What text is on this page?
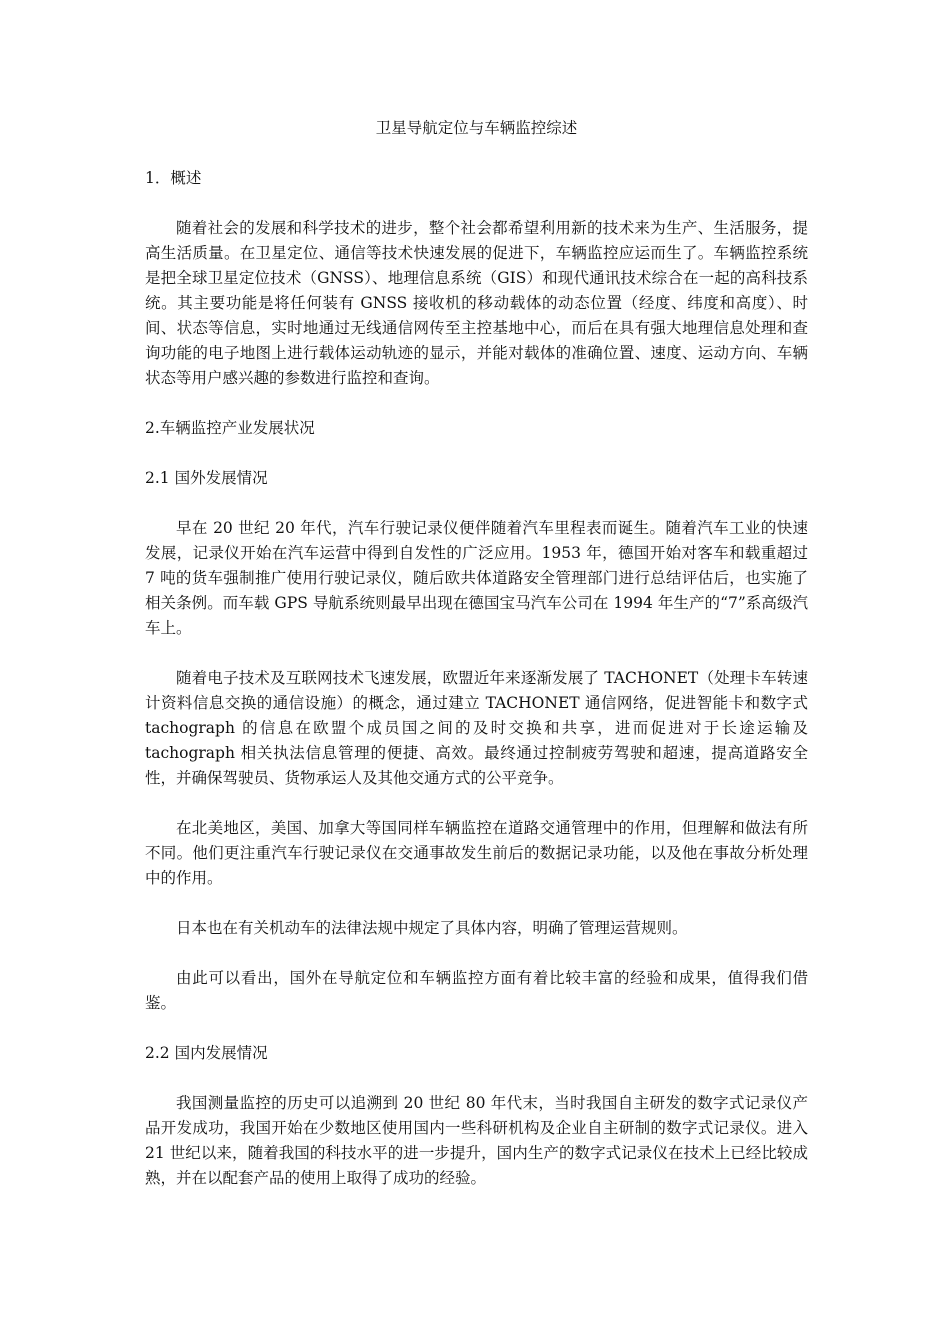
卫星导航定位与车辆监控综述

1．概述

随着社会的发展和科学技术的进步，整个社会都希望利用新的技术来为生产、生活服务，提高生活质量。在卫星定位、通信等技术快速发展的促进下，车辆监控应运而生了。车辆监控系统是把全球卫星定位技术（GNSS）、地理信息系统（GIS）和现代通讯技术综合在一起的高科技系统。其主要功能是将任何装有 GNSS 接收机的移动载体的动态位置（经度、纬度和高度）、时间、状态等信息，实时地通过无线通信网传至主控基地中心，而后在具有强大地理信息处理和查询功能的电子地图上进行载体运动轨迹的显示，并能对载体的准确位置、速度、运动方向、车辆状态等用户感兴趣的参数进行监控和查询。

2.车辆监控产业发展状况

2.1 国外发展情况

早在 20 世纪 20 年代，汽车行驶记录仪便伴随着汽车里程表而诞生。随着汽车工业的快速发展，记录仪开始在汽车运营中得到自发性的广泛应用。1953 年，德国开始对客车和载重超过 7 吨的货车强制推广使用行驶记录仪，随后欧共体道路安全管理部门进行总结评估后，也实施了相关条例。而车载 GPS 导航系统则最早出现在德国宝马汽车公司在 1994 年生产的“7”系高级汽车上。

随着电子技术及互联网技术飞速发展，欧盟近年来逐渐发展了 TACHONET（处理卡车转速计资料信息交换的通信设施）的概念，通过建立 TACHONET 通信网络，促进智能卡和数字式 tachograph 的信息在欧盟个成员国之间的及时交换和共享，进而促进对于长途运输及 tachograph 相关执法信息管理的便捷、高效。最终通过控制疲劳驾驶和超速，提高道路安全性，并确保驾驶员、货物承运人及其他交通方式的公平竞争。

在北美地区，美国、加拿大等国同样车辆监控在道路交通管理中的作用，但理解和做法有所不同。他们更注重汽车行驶记录仪在交通事故发生前后的数据记录功能，以及他在事故分析处理中的作用。

日本也在有关机动车的法律法规中规定了具体内容，明确了管理运营规则。

由此可以看出，国外在导航定位和车辆监控方面有着比较丰富的经验和成果，值得我们借鉴。

2.2 国内发展情况

我国测量监控的历史可以追溯到 20 世纪 80 年代末，当时我国自主研发的数字式记录仪产品开发成功，我国开始在少数地区使用国内一些科研机构及企业自主研制的数字式记录仪。进入 21 世纪以来，随着我国的科技水平的进一步提升，国内生产的数字式记录仪在技术上已经比较成熟，并在以配套产品的使用上取得了成功的经验。
